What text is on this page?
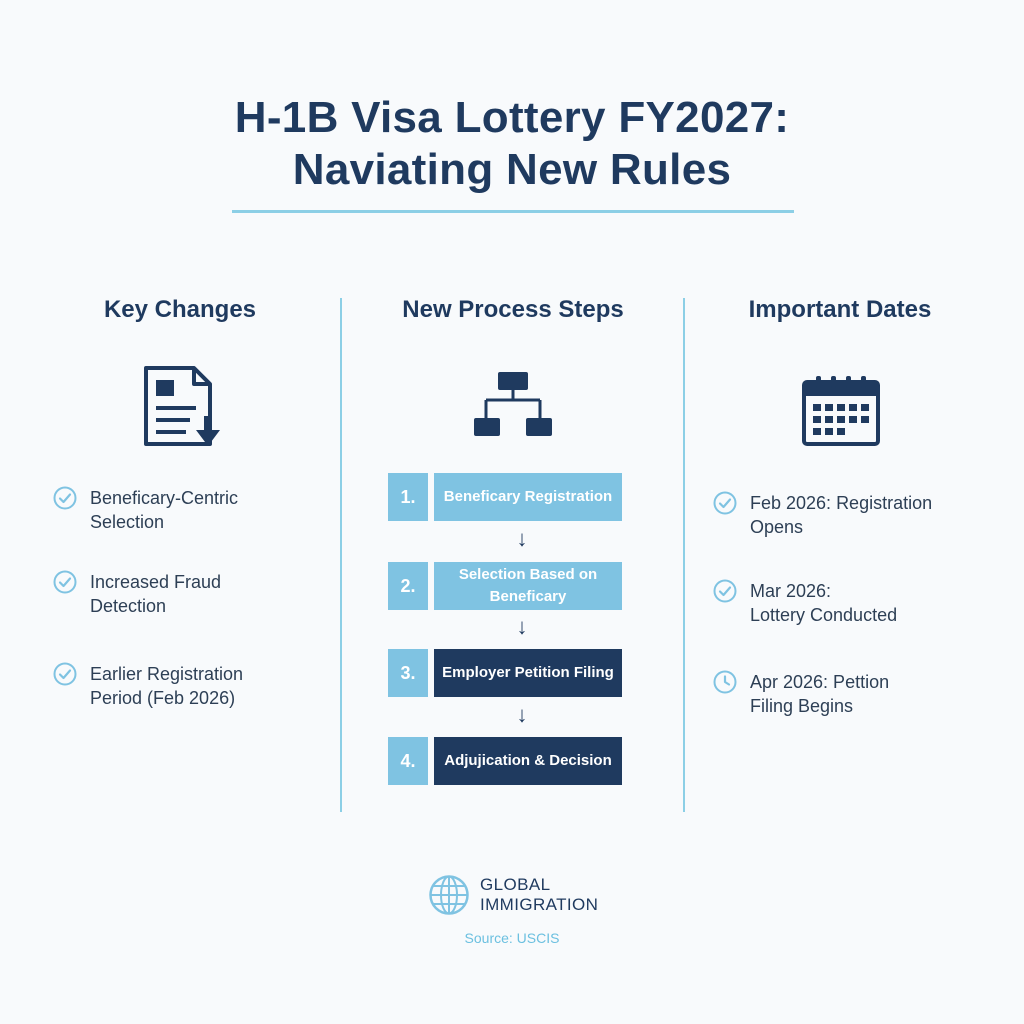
H-1B Visa Lottery FY2027:
Naviating New Rules
Key Changes	New Process Steps	Important Dates
Beneficary-Centric
Selection
Increased Fraud
Detection
Earlier Registration
Period (Feb 2026)
1.	Beneficary Registration
↓
2.
Selection Based on
Beneficary
↓
3.	Employer Petition Filing
↓
4.	Adjujication & Decision
Feb 2026: Registration
Opens
Mar 2026:
Lottery Conducted
Apr 2026: Pettion
Filing Begins
GLOBAL
IMMIGRATION
Source: USCIS
